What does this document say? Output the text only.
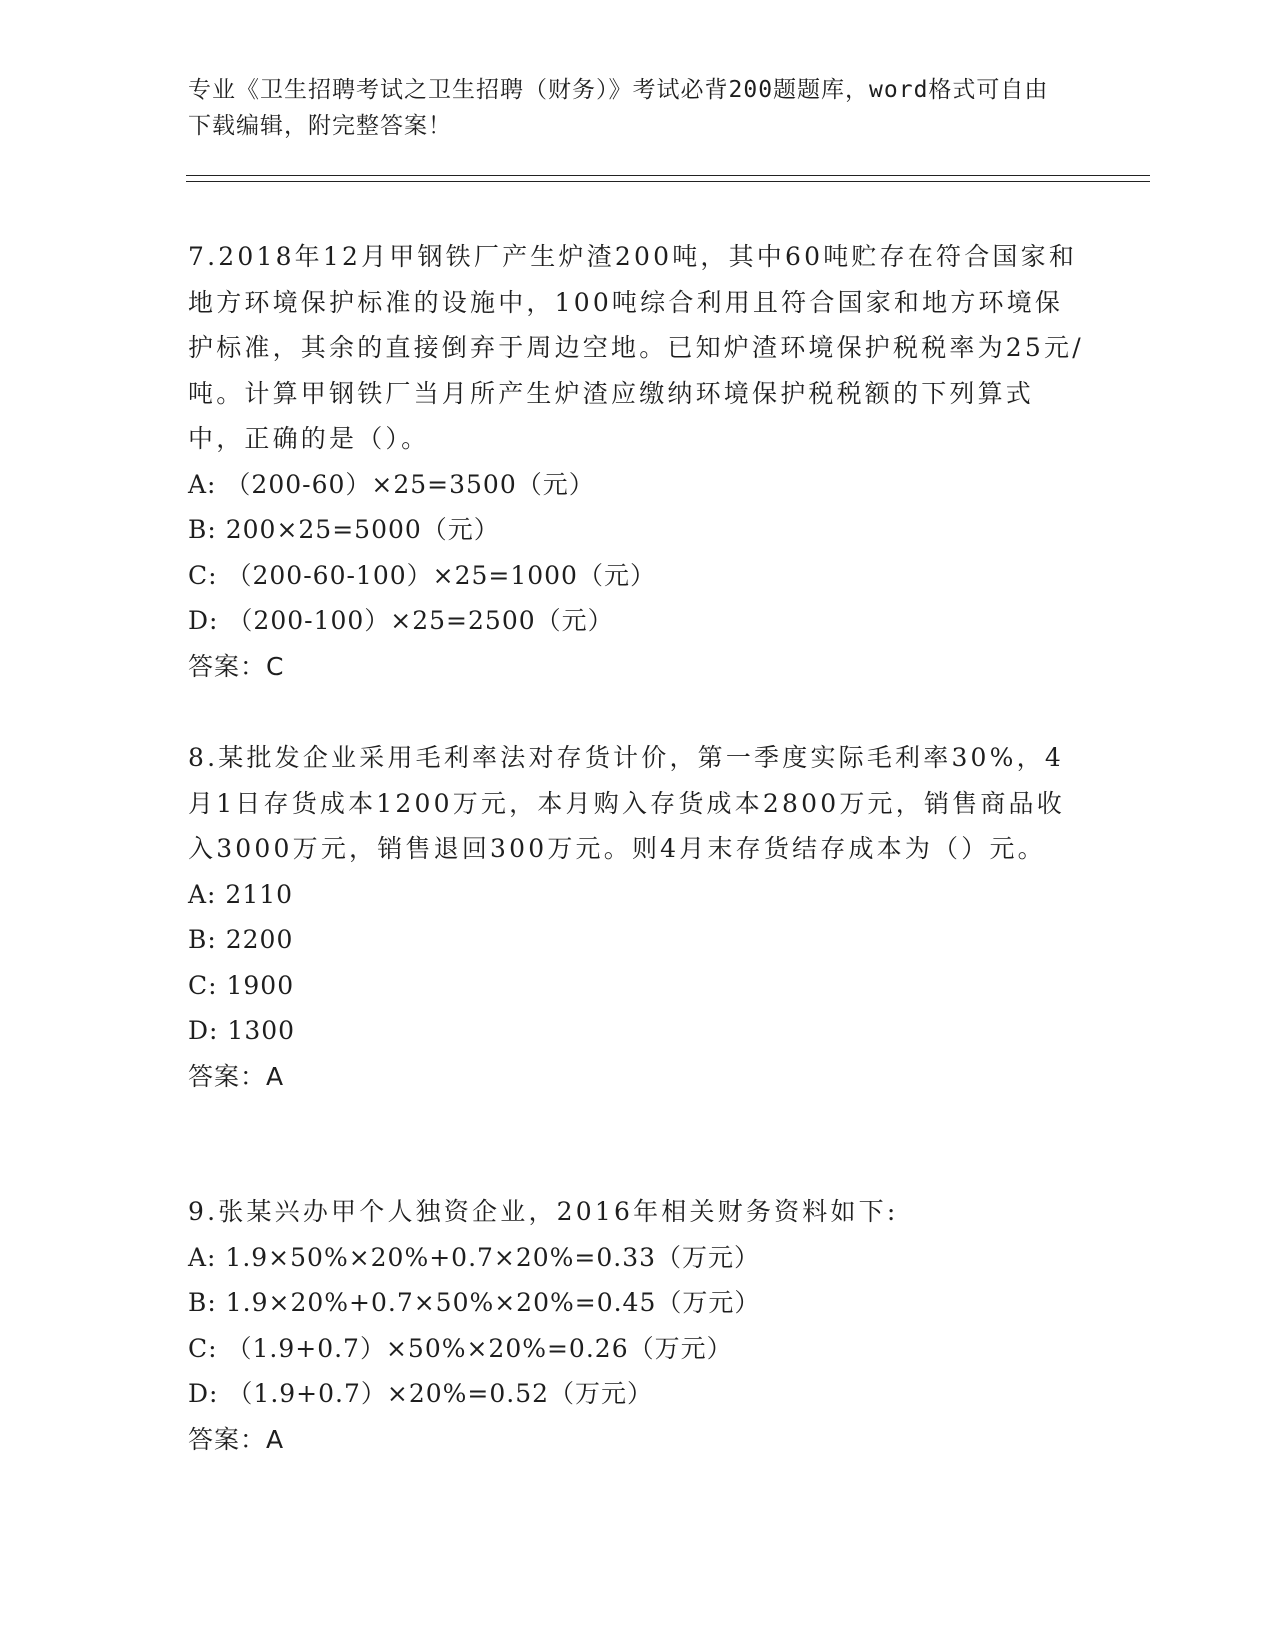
专业《卫生招聘考试之卫生招聘（财务）》考试必背200题题库，word格式可自由下载编辑，附完整答案！

7.2018年12月甲钢铁厂产生炉渣200吨，其中60吨贮存在符合国家和地方环境保护标准的设施中，100吨综合利用且符合国家和地方环境保护标准，其余的直接倒弃于周边空地。已知炉渣环境保护税税率为25元/吨。计算甲钢铁厂当月所产生炉渣应缴纳环境保护税税额的下列算式中，正确的是（）。

A: （200-60）×25=3500（元）

B: 200×25=5000（元）

C: （200-60-100）×25=1000（元）

D: （200-100）×25=2500（元）

答案：C

8.某批发企业采用毛利率法对存货计价，第一季度实际毛利率30%，4月1日存货成本1200万元，本月购入存货成本2800万元，销售商品收入3000万元，销售退回300万元。则4月末存货结存成本为（）元。

A: 2110

B: 2200

C: 1900

D: 1300

答案：A

9.张某兴办甲个人独资企业，2016年相关财务资料如下:

A: 1.9×50%×20%+0.7×20%=0.33（万元）

B: 1.9×20%+0.7×50%×20%=0.45（万元）

C: （1.9+0.7）×50%×20%=0.26（万元）

D: （1.9+0.7）×20%=0.52（万元）

答案：A
